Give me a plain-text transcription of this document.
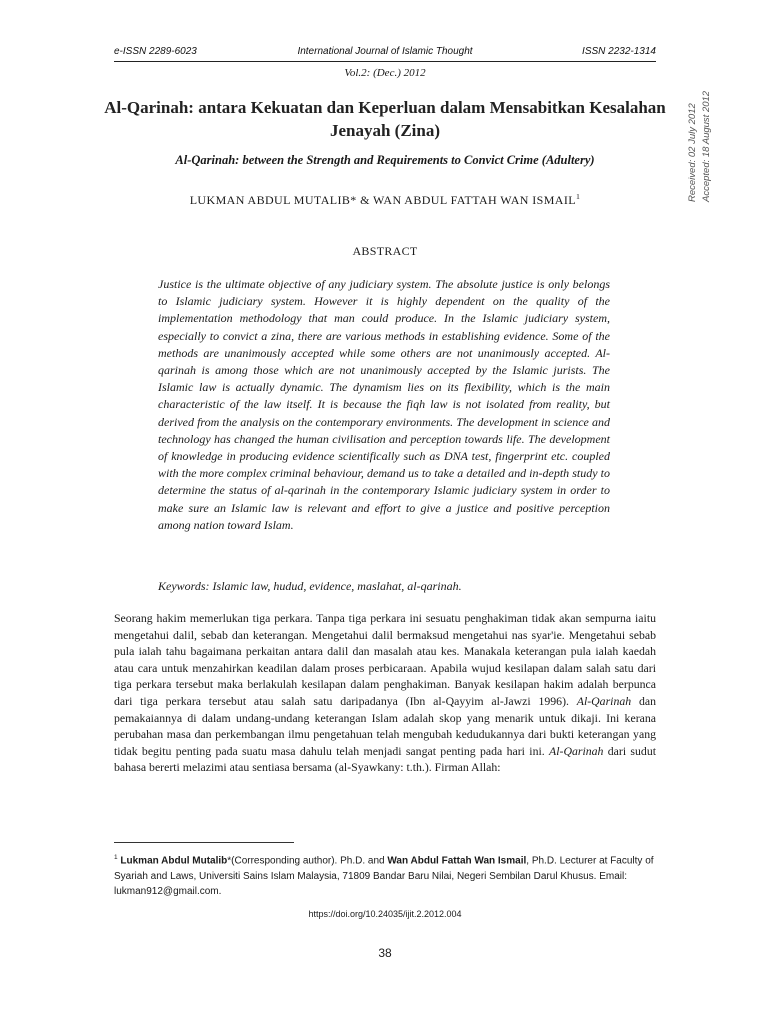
e-ISSN 2289-6023	International Journal of Islamic Thought	ISSN 2232-1314
Vol.2: (Dec.) 2012
Received: 02 July 2012 Accepted: 18 August 2012
Al-Qarinah: antara Kekuatan dan Keperluan dalam Mensabitkan Kesalahan Jenayah (Zina)
Al-Qarinah: between the Strength and Requirements to Convict Crime (Adultery)
LUKMAN ABDUL MUTALIB* & WAN ABDUL FATTAH WAN ISMAIL$^1$
ABSTRACT
Justice is the ultimate objective of any judiciary system. The absolute justice is only belongs to Islamic judiciary system. However it is highly dependent on the quality of the implementation methodology that man could produce. In the Islamic judiciary system, especially to convict a zina, there are various methods in establishing evidence. Some of the methods are unanimously accepted while some others are not unanimously accepted. Al-qarinah is among those which are not unanimously accepted by the Islamic jurists. The Islamic law is actually dynamic. The dynamism lies on its flexibility, which is the main characteristic of the law itself. It is because the fiqh law is not isolated from reality, but derived from the analysis on the contemporary environments. The development in science and technology has changed the human civilisation and perception towards life. The development of knowledge in producing evidence scientifically such as DNA test, fingerprint etc. coupled with the more complex criminal behaviour, demand us to take a detailed and in-depth study to determine the status of al-qarinah in the contemporary Islamic judiciary system in order to make sure an Islamic law is relevant and effort to give a justice and positive perception among nation toward Islam.
Keywords: Islamic law, hudud, evidence, maslahat, al-qarinah.
Seorang hakim memerlukan tiga perkara. Tanpa tiga perkara ini sesuatu penghakiman tidak akan sempurna iaitu mengetahui dalil, sebab dan keterangan. Mengetahui dalil bermaksud mengetahui nas syar'ie. Mengetahui sebab pula ialah tahu bagaimana perkaitan antara dalil dan masalah atau kes. Manakala keterangan pula ialah kaedah atau cara untuk menzahirkan keadilan dalam proses perbicaraan. Apabila wujud kesilapan dalam salah satu dari tiga perkara tersebut maka berlakulah kesilapan dalam penghakiman. Banyak kesilapan hakim adalah berpunca dari tiga perkara tersebut atau salah satu daripadanya (Ibn al-Qayyim al-Jawzi 1996). Al-Qarinah dan pemakaiannya di dalam undang-undang keterangan Islam adalah skop yang menarik untuk dikaji. Ini kerana perubahan masa dan perkembangan ilmu pengetahuan telah mengubah kedudukannya dari bukti keterangan yang tidak begitu penting pada suatu masa dahulu telah menjadi sangat penting pada hari ini. Al-Qarinah dari sudut bahasa bererti melazimi atau sentiasa bersama (al-Syawkany: t.th.). Firman Allah:
$^1$ Lukman Abdul Mutalib*(Corresponding author). Ph.D. and Wan Abdul Fattah Wan Ismail, Ph.D. Lecturer at Faculty of Syariah and Laws, Universiti Sains Islam Malaysia, 71809 Bandar Baru Nilai, Negeri Sembilan Darul Khusus. Email: lukman912@gmail.com.
https://doi.org/10.24035/ijit.2.2012.004
38
